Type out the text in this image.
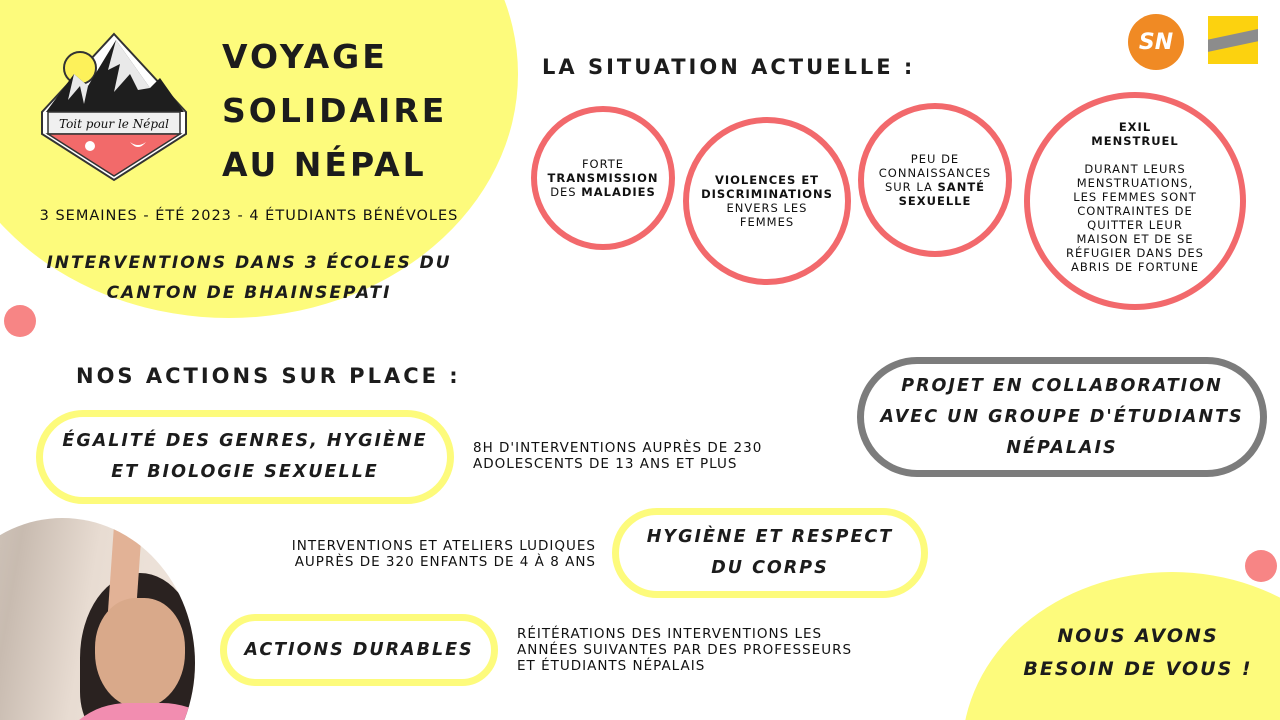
Toit pour le Népal
VOYAGE
SOLIDAIRE
AU NÉPAL
3 SEMAINES - ÉTÉ 2023 - 4 ÉTUDIANTS BÉNÉVOLES
INTERVENTIONS DANS 3 ÉCOLES DU
CANTON DE BHAINSEPATI
SN
LA SITUATION ACTUELLE :
FORTE
TRANSMISSION
DES MALADIES
VIOLENCES ET
DISCRIMINATIONS
ENVERS LES
FEMMES
PEU DE
CONNAISSANCES
SUR LA SANTÉ
SEXUELLE
EXIL
MENSTRUEL
DURANT LEURS
MENSTRUATIONS,
LES FEMMES SONT
CONTRAINTES DE
QUITTER LEUR
MAISON ET DE SE
RÉFUGIER DANS DES
ABRIS DE FORTUNE
NOS ACTIONS SUR PLACE :
ÉGALITÉ DES GENRES, HYGIÈNE
ET BIOLOGIE SEXUELLE
8H D'INTERVENTIONS AUPRÈS DE 230
ADOLESCENTS DE 13 ANS ET PLUS
PROJET EN COLLABORATION
AVEC UN GROUPE D'ÉTUDIANTS
NÉPALAIS
INTERVENTIONS ET ATELIERS LUDIQUES
AUPRÈS DE 320 ENFANTS DE 4 À 8 ANS
HYGIÈNE ET RESPECT
DU CORPS
ACTIONS DURABLES
RÉITÉRATIONS DES INTERVENTIONS LES
ANNÉES SUIVANTES PAR DES PROFESSEURS
ET ÉTUDIANTS NÉPALAIS
NOUS AVONS
BESOIN DE VOUS !
